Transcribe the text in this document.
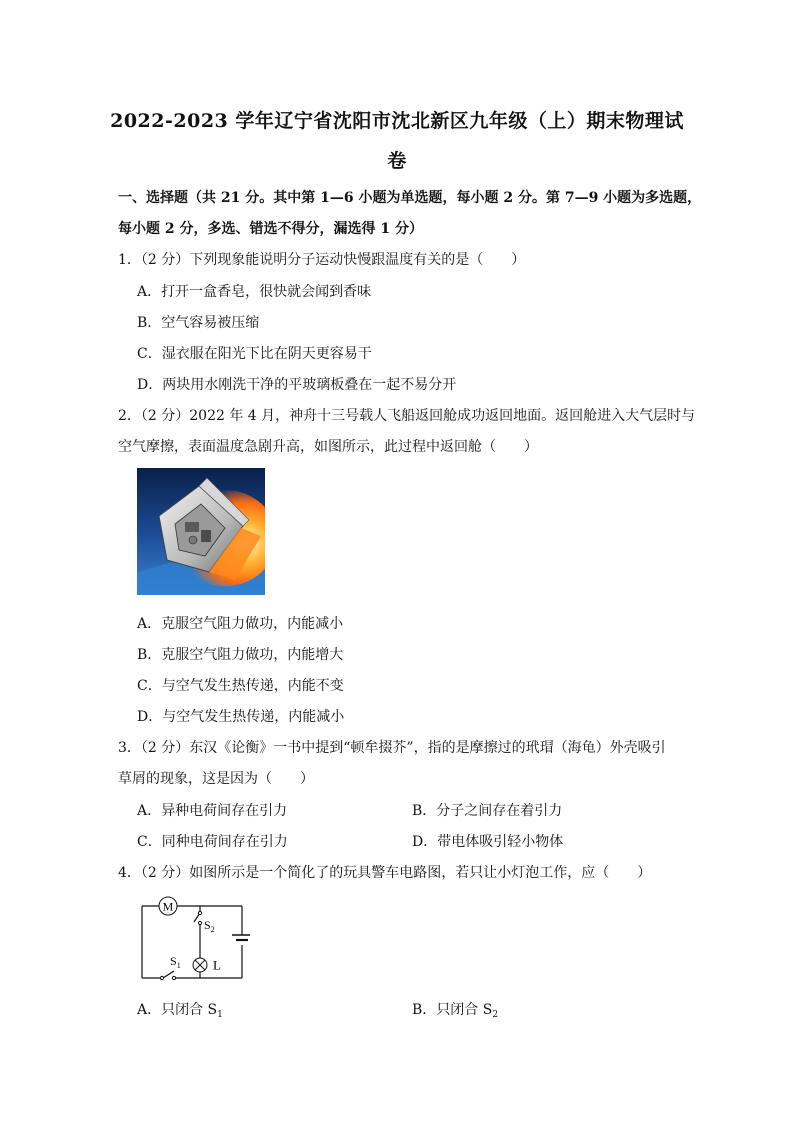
2022-2023 学年辽宁省沈阳市沈北新区九年级（上）期末物理试
卷
一、选择题（共 21 分。其中第 1—6 小题为单选题，每小题 2 分。第 7—9 小题为多选题，
每小题 2 分，多选、错选不得分，漏选得 1 分）
1．（2 分）下列现象能说明分子运动快慢跟温度有关的是（　　）
A．打开一盒香皂，很快就会闻到香味
B．空气容易被压缩
C．湿衣服在阳光下比在阴天更容易干
D．两块用水刚洗干净的平玻璃板叠在一起不易分开
2．（2 分）2022 年 4 月，神舟十三号载人飞船返回舱成功返回地面。返回舱进入大气层时与
空气摩擦，表面温度急剧升高，如图所示，此过程中返回舱（　　）
A．克服空气阻力做功，内能减小
B．克服空气阻力做功，内能增大
C．与空气发生热传递，内能不变
D．与空气发生热传递，内能减小
3．（2 分）东汉《论衡》一书中提到“顿牟掇芥”，指的是摩擦过的玳瑁（海龟）外壳吸引
草屑的现象，这是因为（　　）
A．异种电荷间存在引力	B．分子之间存在着引力
C．同种电荷间存在引力	D．带电体吸引轻小物体
4．（2 分）如图所示是一个简化了的玩具警车电路图，若只让小灯泡工作，应（　　）
M
L
$S_2$
$S_1$
A．只闭合 $S_1$	B．只闭合 $S_2$
